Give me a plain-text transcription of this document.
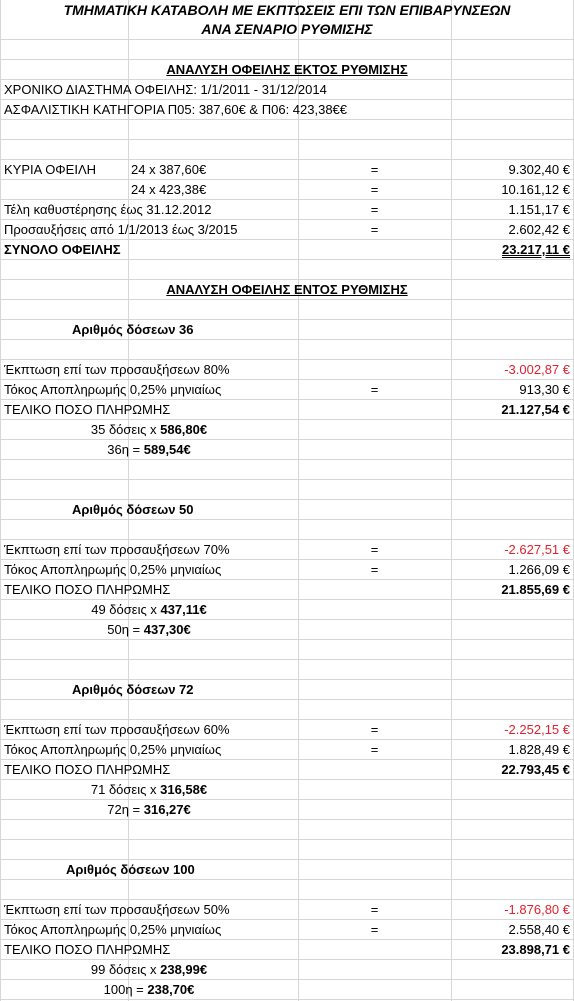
ΤΜΗΜΑΤΙΚΗ ΚΑΤΑΒΟΛΗ ΜΕ ΕΚΠΤΩΣΕΙΣ ΕΠΙ ΤΩΝ ΕΠΙΒΑΡΥΝΣΕΩΝ
ΑΝΑ ΣΕΝΑΡΙΟ ΡΥΘΜΙΣΗΣ
ΑΝΑΛΥΣΗ ΟΦΕΙΛΗΣ ΕΚΤΟΣ ΡΥΘΜΙΣΗΣ
ΧΡΟΝΙΚΟ ΔΙΑΣΤΗΜΑ ΟΦΕΙΛΗΣ: 1/1/2011 - 31/12/2014
ΑΣΦΑΛΙΣΤΙΚΗ ΚΑΤΗΓΟΡΙΑ Π05: 387,60€ & Π06: 423,38€€
ΚΥΡΙΑ ΟΦΕΙΛΗ	24 x 387,60€	=	9.302,40 €
24 x 423,38€	=	10.161,12 €
Τέλη καθυστέρησης έως 31.12.2012	=	1.151,17 €
Προσαυξήσεις από 1/1/2013 έως 3/2015	=	2.602,42 €
ΣΥΝΟΛΟ ΟΦΕΙΛΗΣ	23.217,11 €
ΑΝΑΛΥΣΗ ΟΦΕΙΛΗΣ ΕΝΤΟΣ ΡΥΘΜΙΣΗΣ
Αριθμός δόσεων 36
Έκπτωση επί των προσαυξήσεων 80%	-3.002,87 €
Τόκος Αποπληρωμής 0,25% μηνιαίως	=	913,30 €
ΤΕΛΙΚΟ ΠΟΣΟ ΠΛΗΡΩΜΗΣ	21.127,54 €
35 δόσεις x 586,80€
36η = 589,54€
Αριθμός δόσεων 50
Έκπτωση επί των προσαυξήσεων 70%	=	-2.627,51 €
Τόκος Αποπληρωμής 0,25% μηνιαίως	=	1.266,09 €
ΤΕΛΙΚΟ ΠΟΣΟ ΠΛΗΡΩΜΗΣ	21.855,69 €
49 δόσεις x 437,11€
50η = 437,30€
Αριθμός δόσεων 72
Έκπτωση επί των προσαυξήσεων 60%	=	-2.252,15 €
Τόκος Αποπληρωμής 0,25% μηνιαίως	=	1.828,49 €
ΤΕΛΙΚΟ ΠΟΣΟ ΠΛΗΡΩΜΗΣ	22.793,45 €
71 δόσεις x 316,58€
72η = 316,27€
Αριθμός δόσεων 100
Έκπτωση επί των προσαυξήσεων 50%	=	-1.876,80 €
Τόκος Αποπληρωμής 0,25% μηνιαίως	=	2.558,40 €
ΤΕΛΙΚΟ ΠΟΣΟ ΠΛΗΡΩΜΗΣ	23.898,71 €
99 δόσεις x 238,99€
100η = 238,70€
